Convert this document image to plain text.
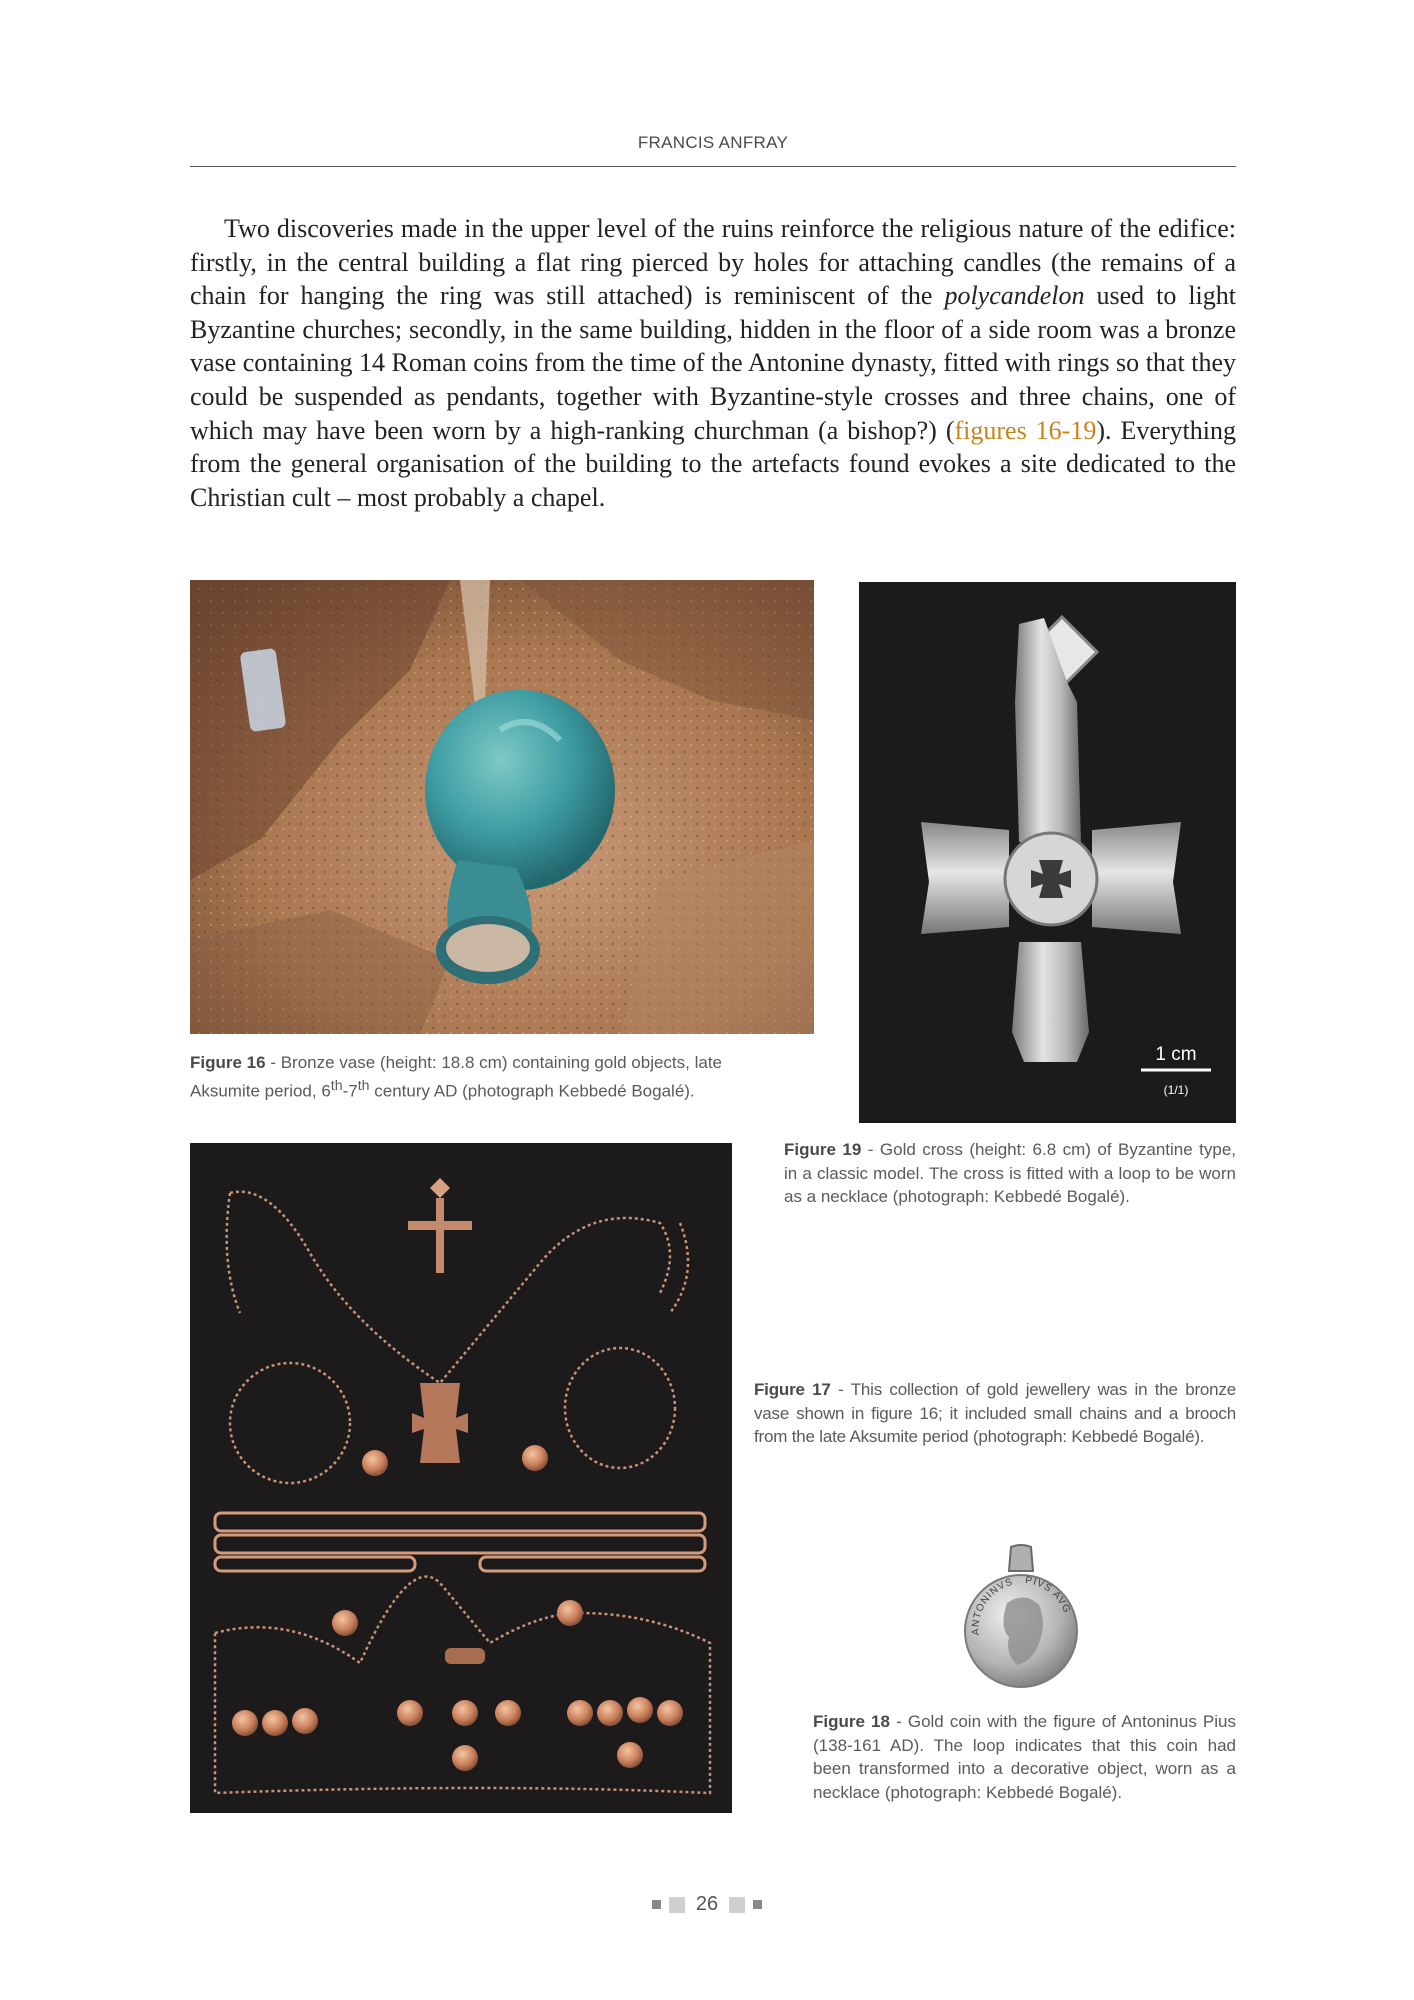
FRANCIS ANFRAY

Two discoveries made in the upper level of the ruins reinforce the religious nature of the edifice: firstly, in the central building a flat ring pierced by holes for attaching candles (the remains of a chain for hanging the ring was still attached) is reminiscent of the polycandelon used to light Byzantine churches; secondly, in the same building, hidden in the floor of a side room was a bronze vase containing 14 Roman coins from the time of the Antonine dynasty, fitted with rings so that they could be suspended as pendants, together with Byzantine-style crosses and three chains, one of which may have been worn by a high-ranking churchman (a bishop?) (figures 16-19). Everything from the general organisation of the building to the artefacts found evokes a site dedicated to the Christian cult – most probably a chapel.

Figure 16 - Bronze vase (height: 18.8 cm) containing gold objects, late Aksumite period, 6th-7th century AD (photograph Kebbedé Bogalé).
1 cm
(1/1)
Figure 19 - Gold cross (height: 6.8 cm) of Byzantine type, in a classic model. The cross is fitted with a loop to be worn as a necklace (photograph: Kebbedé Bogalé).
Figure 17 - This collection of gold jewellery was in the bronze vase shown in figure 16; it included small chains and a brooch from the late Aksumite period (photograph: Kebbedé Bogalé).
ANTONINVS PIVS AVG
Figure 18 - Gold coin with the figure of Antoninus Pius (138-161 AD). The loop indicates that this coin had been transformed into a decorative object, worn as a necklace (photograph: Kebbedé Bogalé).
26
